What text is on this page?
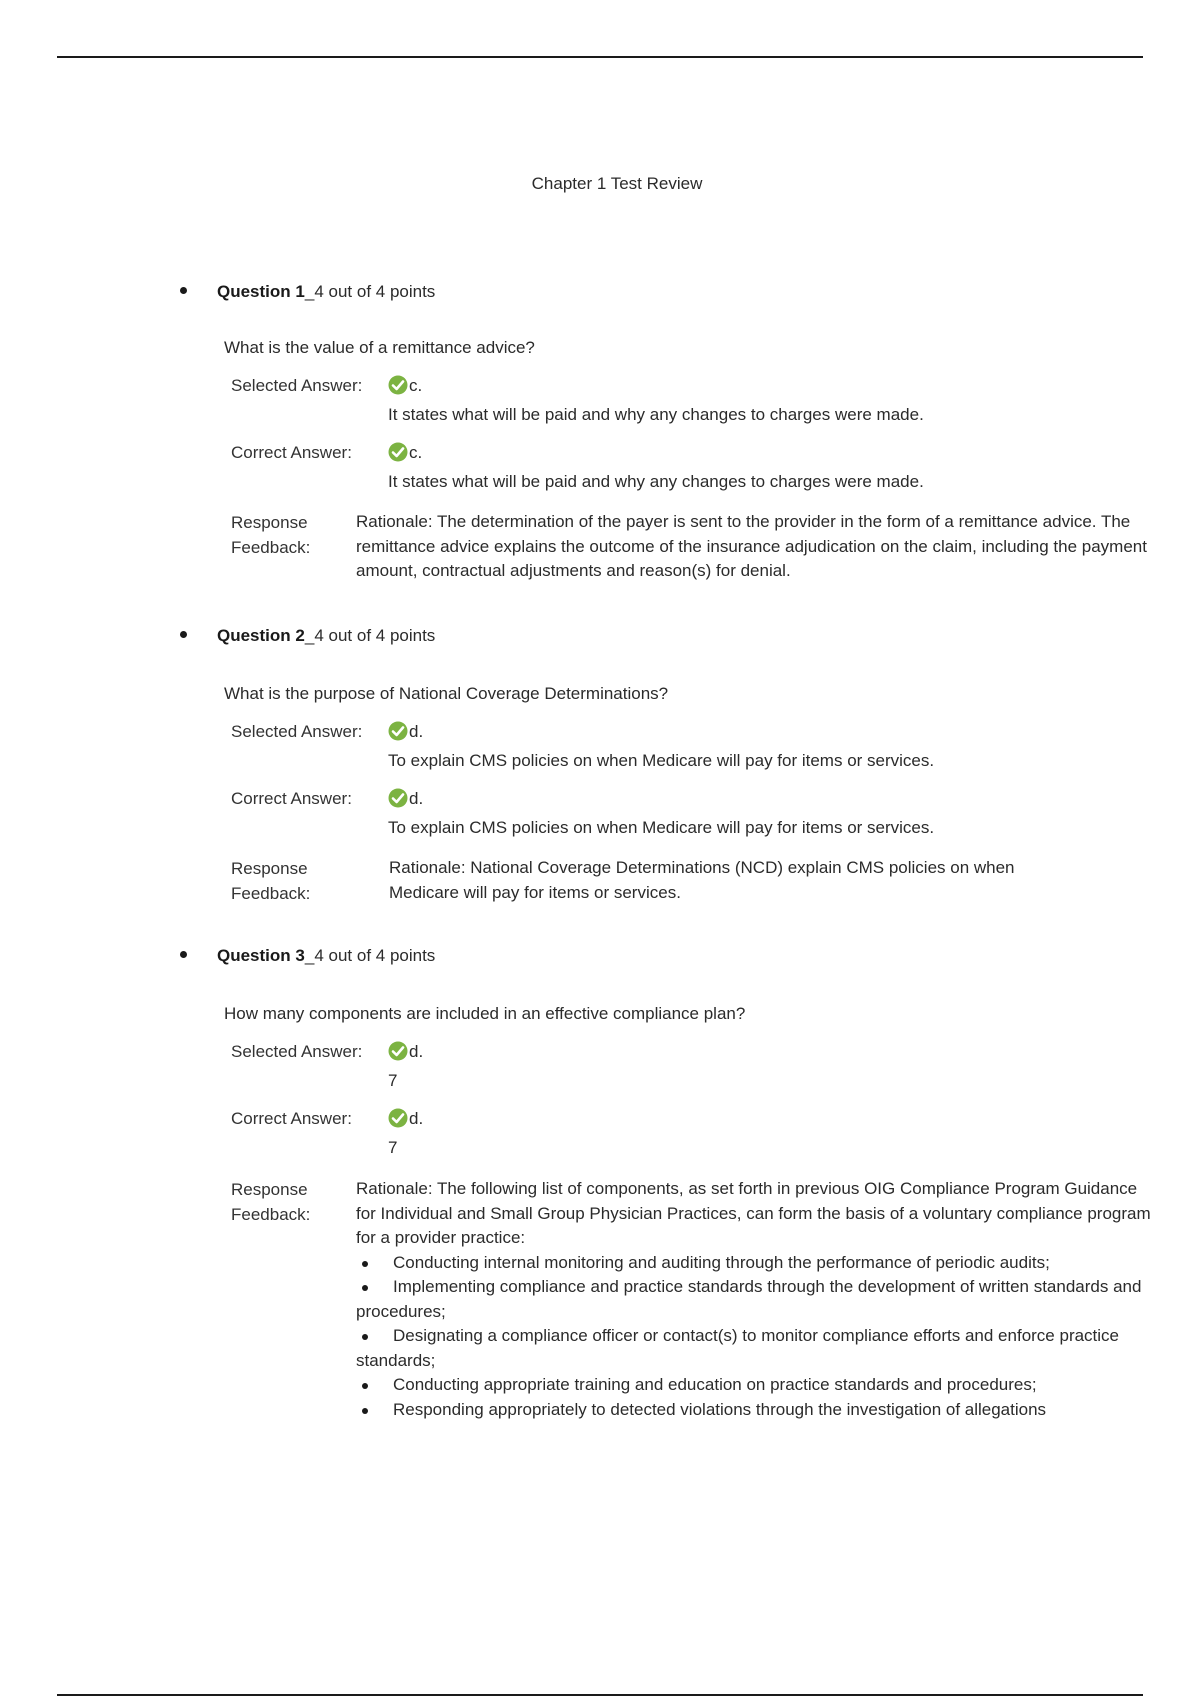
Chapter 1 Test Review
Question 1_4 out of 4 points
What is the value of a remittance advice?
Selected Answer:	c.
It states what will be paid and why any changes to charges were made.
Correct Answer:	c.
It states what will be paid and why any changes to charges were made.
Response
Feedback:
Rationale: The determination of the payer is sent to the provider in the form of a remittance advice. The remittance advice explains the outcome of the insurance adjudication on the claim, including the payment amount, contractual adjustments and reason(s) for denial.
Question 2_4 out of 4 points
What is the purpose of National Coverage Determinations?
Selected Answer:	d.
To explain CMS policies on when Medicare will pay for items or services.
Correct Answer:	d.
To explain CMS policies on when Medicare will pay for items or services.
Response
Feedback:
Rationale: National Coverage Determinations (NCD) explain CMS policies on when Medicare will pay for items or services.
Question 3_4 out of 4 points
How many components are included in an effective compliance plan?
Selected Answer:	d.
7
Correct Answer:	d.
7
Response
Feedback:

Rationale: The following list of components, as set forth in previous OIG Compliance Program Guidance for Individual and Small Group Physician Practices, can form the basis of a voluntary compliance program for a provider practice:

Conducting internal monitoring and auditing through the performance of periodic audits;
Implementing compliance and practice standards through the development of written standards and procedures;
Designating a compliance officer or contact(s) to monitor compliance efforts and enforce practice standards;
Conducting appropriate training and education on practice standards and procedures;
Responding appropriately to detected violations through the investigation of allegations
